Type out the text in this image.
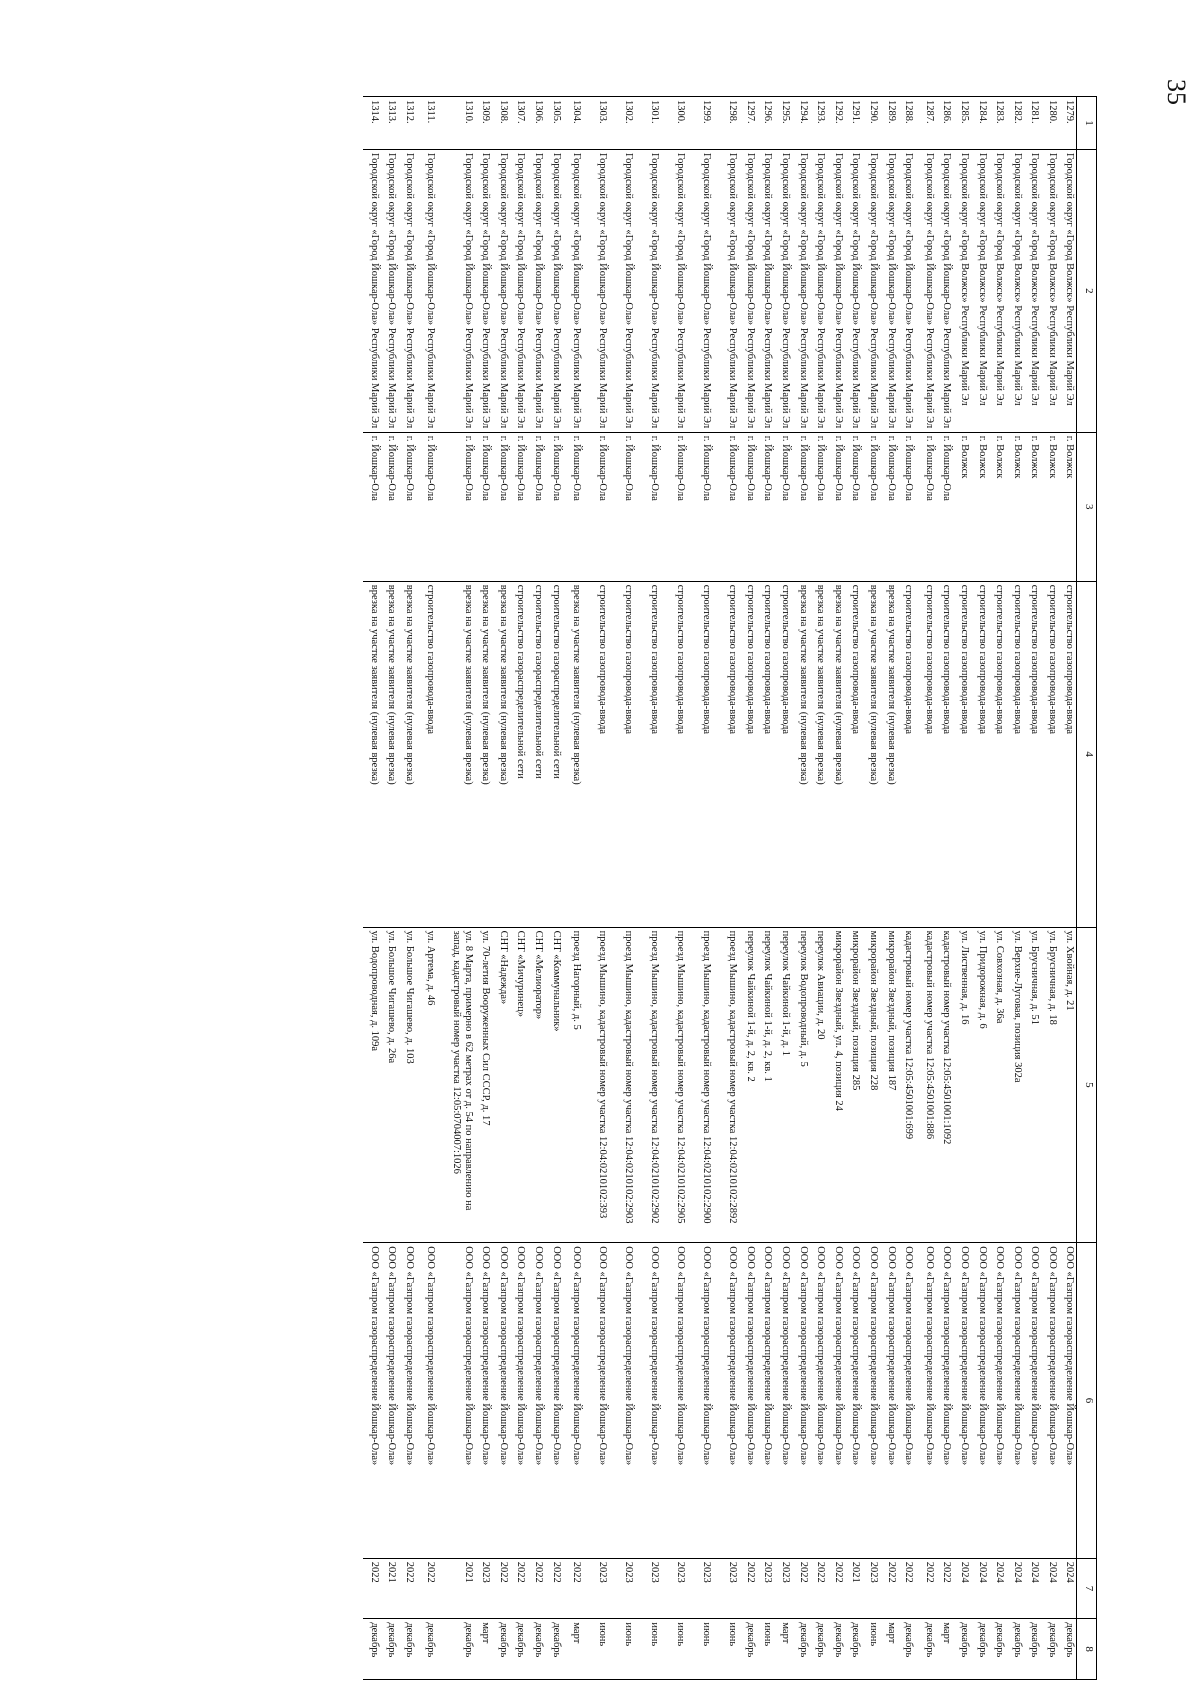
35
1	2	3	4	5	6	7	8
1279.	Городской округ «Город Волжск» Республики Марий Эл	г. Волжск	строительство газопровода-ввода	ул. Хвойная, д. 21	ООО «Газпром газораспределение Йошкар-Ола»	2024	декабрь
1280.	Городской округ «Город Волжск» Республики Марий Эл	г. Волжск	строительство газопровода-ввода	ул. Брусничная, д. 18	ООО «Газпром газораспределение Йошкар-Ола»	2024	декабрь
1281.	Городской округ «Город Волжск» Республики Марий Эл	г. Волжск	строительство газопровода-ввода	ул. Брусничная, д. 51	ООО «Газпром газораспределение Йошкар-Ола»	2024	декабрь
1282.	Городской округ «Город Волжск» Республики Марий Эл	г. Волжск	строительство газопровода-ввода	ул. Верхне-Луговая, позиция 302а	ООО «Газпром газораспределение Йошкар-Ола»	2024	декабрь
1283.	Городской округ «Город Волжск» Республики Марий Эл	г. Волжск	строительство газопровода-ввода	ул. Совхозная, д. 36а	ООО «Газпром газораспределение Йошкар-Ола»	2024	декабрь
1284.	Городской округ «Город Волжск» Республики Марий Эл	г. Волжск	строительство газопровода-ввода	ул. Придорожная, д. 6	ООО «Газпром газораспределение Йошкар-Ола»	2024	декабрь
1285.	Городской округ «Город Волжск» Республики Марий Эл	г. Волжск	строительство газопровода-ввода	ул. Лиственная, д. 16	ООО «Газпром газораспределение Йошкар-Ола»	2024	декабрь
1286.	Городской округ «Город Йошкар-Ола» Республики Марий Эл	г. Йошкар-Ола	строительство газопровода-ввода	кадастровый номер участка 12:05:4501001:1092	ООО «Газпром газораспределение Йошкар-Ола»	2022	март
1287.	Городской округ «Город Йошкар-Ола» Республики Марий Эл	г. Йошкар-Ола	строительство газопровода-ввода	кадастровый номер участка 12:05:4501001:886	ООО «Газпром газораспределение Йошкар-Ола»	2022	декабрь
1288.	Городской округ «Город Йошкар-Ола» Республики Марий Эл	г. Йошкар-Ола	строительство газопровода-ввода	кадастровый номер участка 12:05:4501001:699	ООО «Газпром газораспределение Йошкар-Ола»	2022	декабрь
1289.	Городской округ «Город Йошкар-Ола» Республики Марий Эл	г. Йошкар-Ола	врезка на участке заявителя (нулевая врезка)	микрорайон Звездный, позиция 187	ООО «Газпром газораспределение Йошкар-Ола»	2022	март
1290.	Городской округ «Город Йошкар-Ола» Республики Марий Эл	г. Йошкар-Ола	врезка на участке заявителя (нулевая врезка)	микрорайон Звездный, позиция 228	ООО «Газпром газораспределение Йошкар-Ола»	2023	июнь
1291.	Городской округ «Город Йошкар-Ола» Республики Марий Эл	г. Йошкар-Ола	строительство газопровода-ввода	микрорайон Звездный, позиция 285	ООО «Газпром газораспределение Йошкар-Ола»	2021	декабрь
1292.	Городской округ «Город Йошкар-Ола» Республики Марий Эл	г. Йошкар-Ола	врезка на участке заявителя (нулевая врезка)	микрорайон Звездный, ул. 4, позиция 24	ООО «Газпром газораспределение Йошкар-Ола»	2022	декабрь
1293.	Городской округ «Город Йошкар-Ола» Республики Марий Эл	г. Йошкар-Ола	врезка на участке заявителя (нулевая врезка)	переулок Авиации, д. 20	ООО «Газпром газораспределение Йошкар-Ола»	2022	декабрь
1294.	Городской округ «Город Йошкар-Ола» Республики Марий Эл	г. Йошкар-Ола	врезка на участке заявителя (нулевая врезка)	переулок Водопроводный, д. 5	ООО «Газпром газораспределение Йошкар-Ола»	2022	декабрь
1295.	Городской округ «Город Йошкар-Ола» Республики Марий Эл	г. Йошкар-Ола	строительство газопровода-ввода	переулок Чайкиной 1-й, д. 1	ООО «Газпром газораспределение Йошкар-Ола»	2023	март
1296.	Городской округ «Город Йошкар-Ола» Республики Марий Эл	г. Йошкар-Ола	строительство газопровода-ввода	переулок Чайкиной 1-й, д. 2, кв. 1	ООО «Газпром газораспределение Йошкар-Ола»	2023	июнь
1297.	Городской округ «Город Йошкар-Ола» Республики Марий Эл	г. Йошкар-Ола	строительство газопровода-ввода	переулок Чайкиной 1-й, д. 2, кв. 2	ООО «Газпром газораспределение Йошкар-Ола»	2022	декабрь
1298.	Городской округ «Город Йошкар-Ола» Республики Марий Эл	г. Йошкар-Ола	строительство газопровода-ввода	проезд Мышино, кадастровый номер участка 12:04:0210102:2892	ООО «Газпром газораспределение Йошкар-Ола»	2023	июнь
1299.	Городской округ «Город Йошкар-Ола» Республики Марий Эл	г. Йошкар-Ола	строительство газопровода-ввода	проезд Мышино, кадастровый номер участка 12:04:0210102:2900	ООО «Газпром газораспределение Йошкар-Ола»	2023	июнь
1300.	Городской округ «Город Йошкар-Ола» Республики Марий Эл	г. Йошкар-Ола	строительство газопровода-ввода	проезд Мышино, кадастровый номер участка 12:04:0210102:2905	ООО «Газпром газораспределение Йошкар-Ола»	2023	июнь
1301.	Городской округ «Город Йошкар-Ола» Республики Марий Эл	г. Йошкар-Ола	строительство газопровода-ввода	проезд Мышино, кадастровый номер участка 12:04:0210102:2902	ООО «Газпром газораспределение Йошкар-Ола»	2023	июнь
1302.	Городской округ «Город Йошкар-Ола» Республики Марий Эл	г. Йошкар-Ола	строительство газопровода-ввода	проезд Мышино, кадастровый номер участка 12:04:0210102:2903	ООО «Газпром газораспределение Йошкар-Ола»	2023	июнь
1303.	Городской округ «Город Йошкар-Ола» Республики Марий Эл	г. Йошкар-Ола	строительство газопровода-ввода	проезд Мышино, кадастровый номер участка 12:04:0210102:393	ООО «Газпром газораспределение Йошкар-Ола»	2023	июнь
1304.	Городской округ «Город Йошкар-Ола» Республики Марий Эл	г. Йошкар-Ола	врезка на участке заявителя (нулевая врезка)	проезд Нагорный, д. 5	ООО «Газпром газораспределение Йошкар-Ола»	2022	март
1305.	Городской округ «Город Йошкар-Ола» Республики Марий Эл	г. Йошкар-Ола	строительство газораспределительной сети	СНТ «Коммунальник»	ООО «Газпром газораспределение Йошкар-Ола»	2022	декабрь
1306.	Городской округ «Город Йошкар-Ола» Республики Марий Эл	г. Йошкар-Ола	строительство газораспределительной сети	СНТ «Мелиоратор»	ООО «Газпром газораспределение Йошкар-Ола»	2022	декабрь
1307.	Городской округ «Город Йошкар-Ола» Республики Марий Эл	г. Йошкар-Ола	строительство газораспределительной сети	СНТ «Мичуринец»	ООО «Газпром газораспределение Йошкар-Ола»	2022	декабрь
1308.	Городской округ «Город Йошкар-Ола» Республики Марий Эл	г. Йошкар-Ола	врезка на участке заявителя (нулевая врезка)	СНТ «Надежда»	ООО «Газпром газораспределение Йошкар-Ола»	2022	декабрь
1309.	Городской округ «Город Йошкар-Ола» Республики Марий Эл	г. Йошкар-Ола	врезка на участке заявителя (нулевая врезка)	ул. 70-летия Вооруженных Сил СССР, д. 17	ООО «Газпром газораспределение Йошкар-Ола»	2023	март
1310.	Городской округ «Город Йошкар-Ола» Республики Марий Эл	г. Йошкар-Ола	врезка на участке заявителя (нулевая врезка)	ул. 8 Марта, примерно в 62 метрах от д. 54 по направлению на запад, кадастровый номер участка 12:05:0704007:1026	ООО «Газпром газораспределение Йошкар-Ола»	2021	декабрь
1311.	Городской округ «Город Йошкар-Ола» Республики Марий Эл	г. Йошкар-Ола	строительство газопровода-ввода	ул. Артема, д. 46	ООО «Газпром газораспределение Йошкар-Ола»	2022	декабрь
1312.	Городской округ «Город Йошкар-Ола» Республики Марий Эл	г. Йошкар-Ола	врезка на участке заявителя (нулевая врезка)	ул. Большое Чигашево, д. 103	ООО «Газпром газораспределение Йошкар-Ола»	2022	декабрь
1313.	Городской округ «Город Йошкар-Ола» Республики Марий Эл	г. Йошкар-Ола	врезка на участке заявителя (нулевая врезка)	ул. Большое Чигашево, д. 26а	ООО «Газпром газораспределение Йошкар-Ола»	2021	декабрь
1314.	Городской округ «Город Йошкар-Ола» Республики Марий Эл	г. Йошкар-Ола	врезка на участке заявителя (нулевая врезка)	ул. Водопроводная, д. 109а	ООО «Газпром газораспределение Йошкар-Ола»	2022	декабрь
